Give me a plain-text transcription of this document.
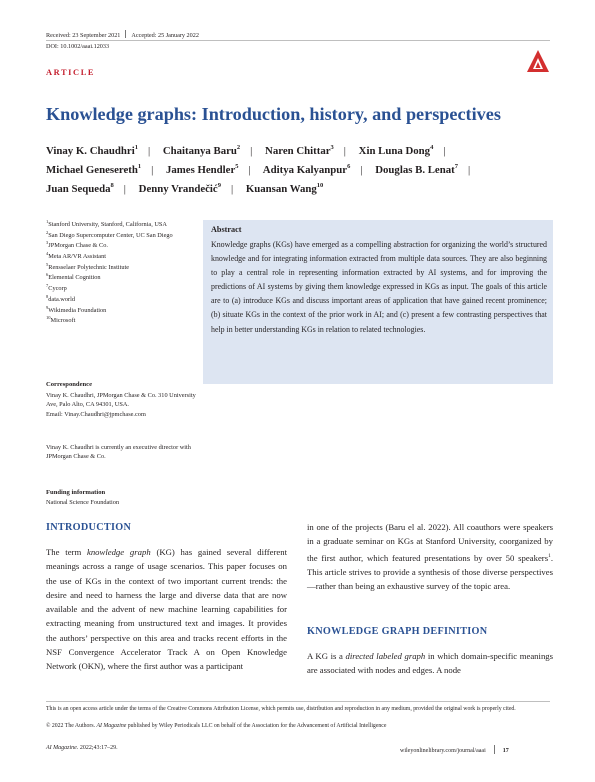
Received: 23 September 2021 Accepted: 25 January 2022
DOI: 10.1002/aaai.12033
ARTICLE
Knowledge graphs: Introduction, history, and perspectives
Vinay K. Chaudhri$^1$ | Chaitanya Baru$^2$ | Naren Chittar$^3$ | Xin Luna Dong$^4$ |
Michael Genesereth$^1$ | James Hendler$^5$ | Aditya Kalyanpur$^6$ | Douglas B. Lenat$^7$ |
Juan Sequeda$^8$ | Denny Vrandečić$^9$ | Kuansan Wang$^{10}$
$^1$Stanford University, Stanford, California, USA
$^2$San Diego Supercomputer Center, UC San Diego
$^3$JPMorgan Chase & Co.
$^4$Meta AR/VR Assistant
$^5$Rensselaer Polytechnic Institute
$^6$Elemental Cognition
$^7$Cycorp
$^8$data.world
$^9$Wikimedia Foundation
$^{10}$Microsoft
Correspondence
Vinay K. Chaudhri, JPMorgan Chase & Co. 310 University Ave, Palo Alto, CA 94301, USA.
Email: Vinay.Chaudhri@jpmchase.com
Vinay K. Chaudhri is currently an executive director with JPMorgan Chase & Co.
Funding information
National Science Foundation
Abstract
Knowledge graphs (KGs) have emerged as a compelling abstraction for organizing the world’s structured knowledge and for integrating information extracted from multiple data sources. They are also beginning to play a central role in representing information extracted by AI systems, and for improving the predictions of AI systems by giving them knowledge expressed in KGs as input. The goals of this article are to (a) introduce KGs and discuss important areas of application that have gained recent prominence; (b) situate KGs in the context of the prior work in AI; and (c) present a few contrasting perspectives that help in better understanding KGs in relation to related technologies.
INTRODUCTION
The term knowledge graph (KG) has gained several different meanings across a range of usage scenarios. This paper focuses on the use of KGs in the context of two important current trends: the desire and need to harness the large and diverse data that are now available and the advent of new machine learning capabilities for extracting meaning from unstructured text and images. It provides the authors’ perspective on this area and tracks recent efforts in the NSF Convergence Accelerator Track A on Open Knowledge Network (OKN), where the first author was a participant
in one of the projects (Baru el al. 2022). All coauthors were speakers in a graduate seminar on KGs at Stanford University, coorganized by the first author, which featured presentations by over 50 speakers$^1$. This article strives to provide a synthesis of those diverse perspectives—rather than being an exhaustive survey of the topic area.
KNOWLEDGE GRAPH DEFINITION
A KG is a directed labeled graph in which domain-specific meanings are associated with nodes and edges. A node
This is an open access article under the terms of the Creative Commons Attribution License, which permits use, distribution and reproduction in any medium, provided the original work is properly cited.
© 2022 The Authors. AI Magazine published by Wiley Periodicals LLC on behalf of the Association for the Advancement of Artificial Intelligence
AI Magazine. 2022;43:17–29.	wileyonlinelibrary.com/journal/aaai	17
